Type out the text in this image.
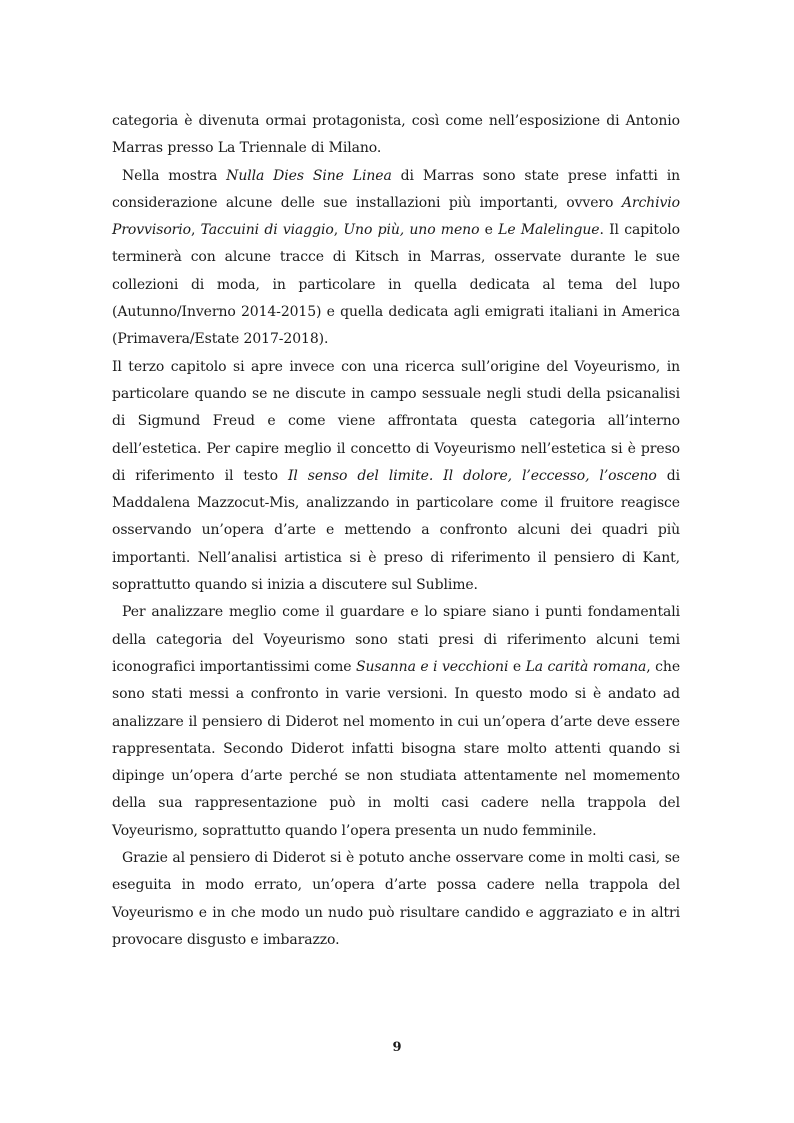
categoria è divenuta ormai protagonista, così come nell’esposizione di Antonio Marras presso La Triennale di Milano.

Nella mostra Nulla Dies Sine Linea di Marras sono state prese infatti in considerazione alcune delle sue installazioni più importanti, ovvero Archivio Provvisorio, Taccuini di viaggio, Uno più, uno meno e Le Malelingue. Il capitolo terminerà con alcune tracce di Kitsch in Marras, osservate durante le sue collezioni di moda, in particolare in quella dedicata al tema del lupo (Autunno/Inverno 2014-2015) e quella dedicata agli emigrati italiani in America (Primavera/Estate 2017-2018).

Il terzo capitolo si apre invece con una ricerca sull’origine del Voyeurismo, in particolare quando se ne discute in campo sessuale negli studi della psicanalisi di Sigmund Freud e come viene affrontata questa categoria all’interno dell’estetica. Per capire meglio il concetto di Voyeurismo nell’estetica si è preso di riferimento il testo Il senso del limite. Il dolore, l’eccesso, l’osceno di Maddalena Mazzocut-Mis, analizzando in particolare come il fruitore reagisce osservando un’opera d’arte e mettendo a confronto alcuni dei quadri più importanti. Nell’analisi artistica si è preso di riferimento il pensiero di Kant, soprattutto quando si inizia a discutere sul Sublime.

Per analizzare meglio come il guardare e lo spiare siano i punti fondamentali della categoria del Voyeurismo sono stati presi di riferimento alcuni temi iconografici importantissimi come Susanna e i vecchioni e La carità romana, che sono stati messi a confronto in varie versioni. In questo modo si è andato ad analizzare il pensiero di Diderot nel momento in cui un’opera d’arte deve essere rappresentata. Secondo Diderot infatti bisogna stare molto attenti quando si dipinge un’opera d’arte perché se non studiata attentamente nel momemento della sua rappresentazione può in molti casi cadere nella trappola del Voyeurismo, soprattutto quando l’opera presenta un nudo femminile.

Grazie al pensiero di Diderot si è potuto anche osservare come in molti casi, se eseguita in modo errato, un’opera d’arte possa cadere nella trappola del Voyeurismo e in che modo un nudo può risultare candido e aggraziato e in altri provocare disgusto e imbarazzo.

9
